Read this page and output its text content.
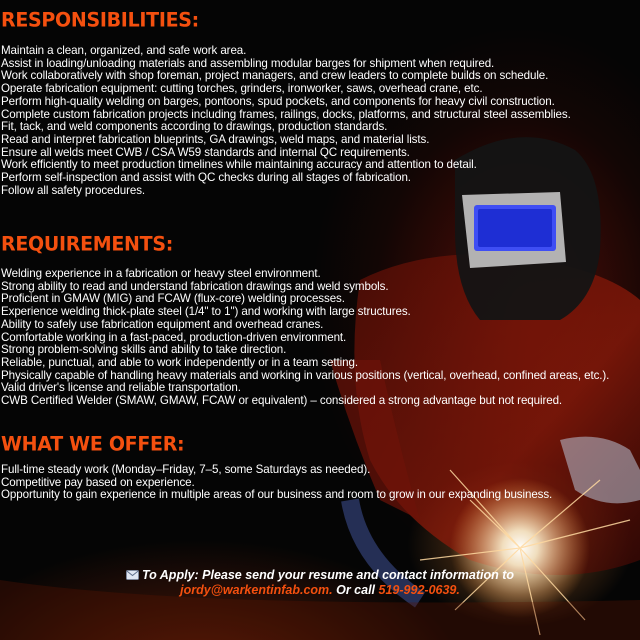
RESPONSIBILITIES:
Maintain a clean, organized, and safe work area.
Assist in loading/unloading materials and assembling modular barges for shipment when required.
Work collaboratively with shop foreman, project managers, and crew leaders to complete builds on schedule.
Operate fabrication equipment: cutting torches, grinders, ironworker, saws, overhead crane, etc.
Perform high-quality welding on barges, pontoons, spud pockets, and components for heavy civil construction.
Complete custom fabrication projects including frames, railings, docks, platforms, and structural steel assemblies.
Fit, tack, and weld components according to drawings, production standards.
Read and interpret fabrication blueprints, GA drawings, weld maps, and material lists.
Ensure all welds meet CWB / CSA W59 standards and internal QC requirements.
Work efficiently to meet production timelines while maintaining accuracy and attention to detail.
Perform self-inspection and assist with QC checks during all stages of fabrication.
Follow all safety procedures.
REQUIREMENTS:
Welding experience in a fabrication or heavy steel environment.
Strong ability to read and understand fabrication drawings and weld symbols.
Proficient in GMAW (MIG) and FCAW (flux-core) welding processes.
Experience welding thick-plate steel (1/4" to 1") and working with large structures.
Ability to safely use fabrication equipment and overhead cranes.
Comfortable working in a fast-paced, production-driven environment.
Strong problem-solving skills and ability to take direction.
Reliable, punctual, and able to work independently or in a team setting.
Physically capable of handling heavy materials and working in various positions (vertical, overhead, confined areas, etc.).
Valid driver's license and reliable transportation.
CWB Certified Welder (SMAW, GMAW, FCAW or equivalent) – considered a strong advantage but not required.
WHAT WE OFFER:
Full-time steady work (Monday–Friday, 7–5, some Saturdays as needed).
Competitive pay based on experience.
Opportunity to gain experience in multiple areas of our business and room to grow in our expanding business.
To Apply: Please send your resume and contact information to
jordy@warkentinfab.com. Or call 519-992-0639.
